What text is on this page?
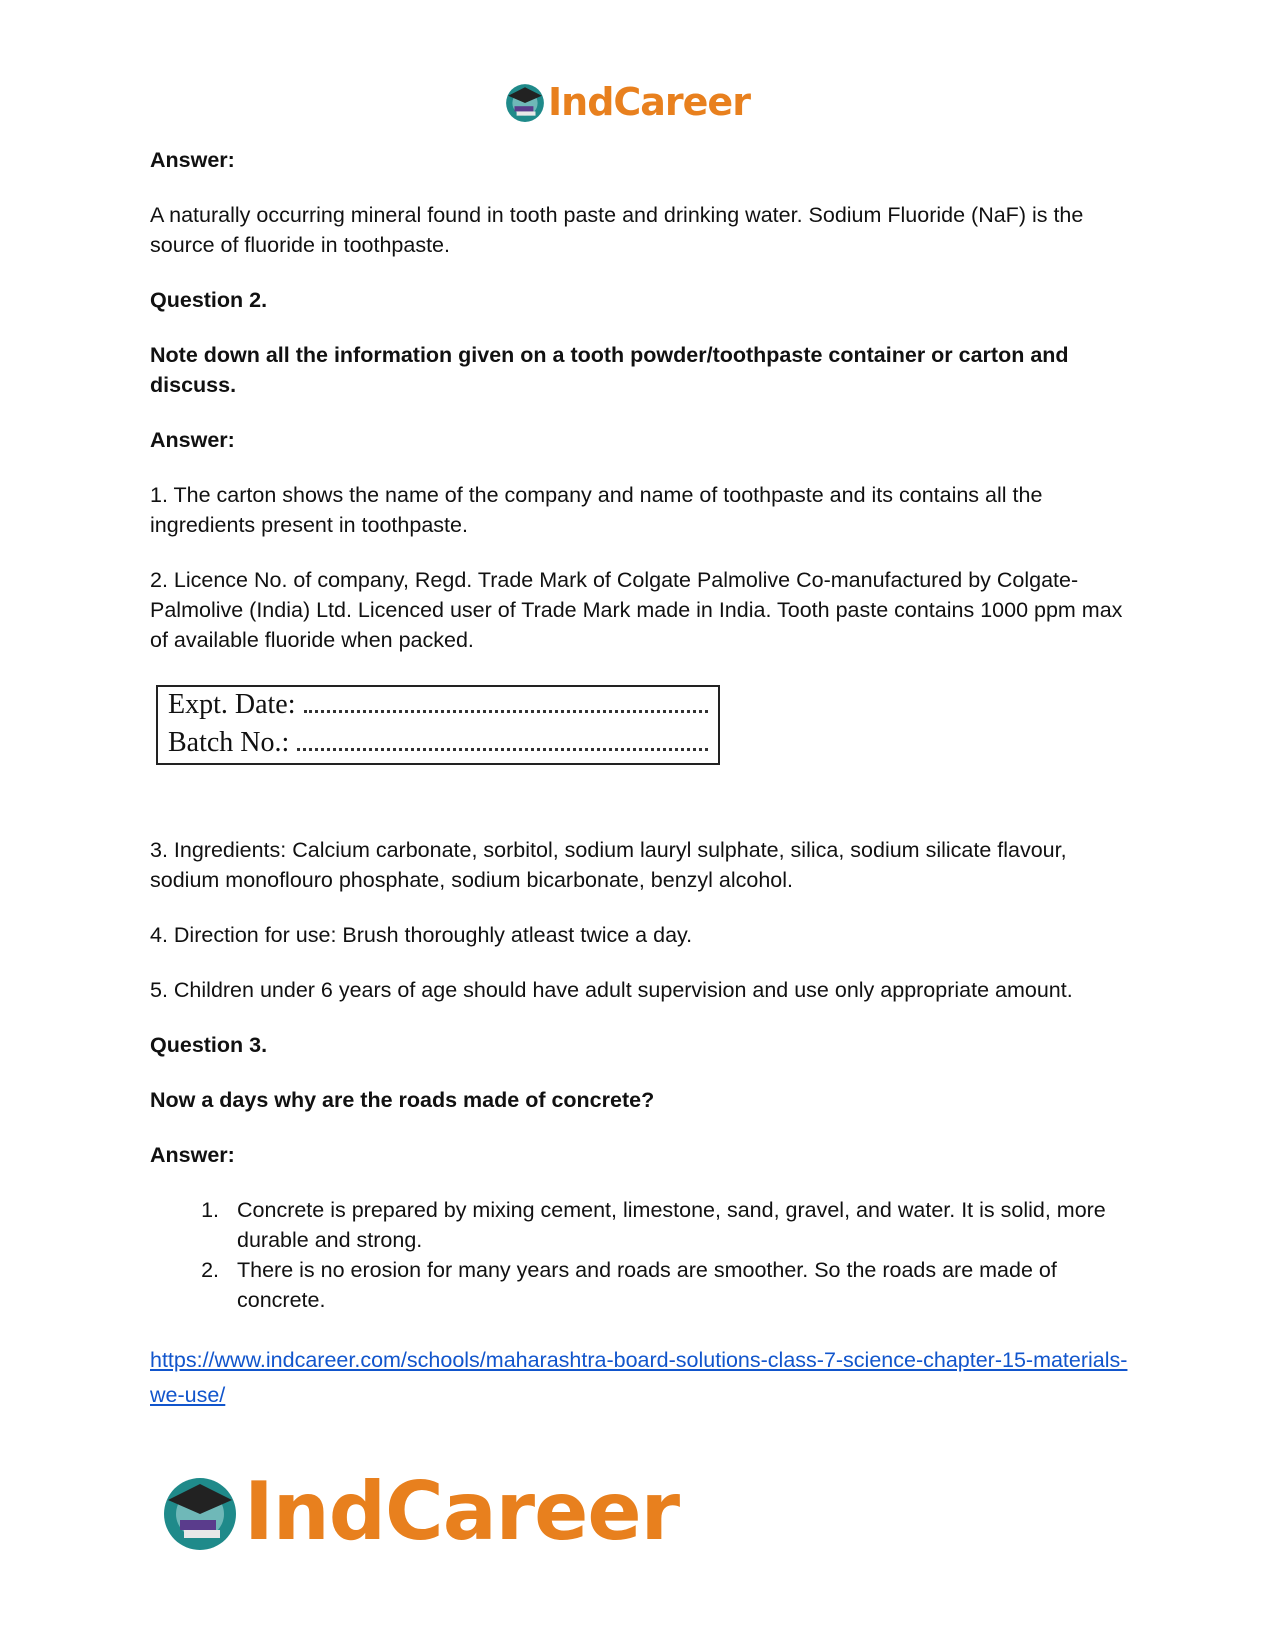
IndCareer

Answer:

A naturally occurring mineral found in tooth paste and drinking water. Sodium Fluoride (NaF) is the source of fluoride in toothpaste.

Question 2.

Note down all the information given on a tooth powder/toothpaste container or carton and discuss.

Answer:

1. The carton shows the name of the company and name of toothpaste and its contains all the ingredients present in toothpaste.

2. Licence No. of company, Regd. Trade Mark of Colgate Palmolive Co-manufactured by Colgate-Palmolive (India) Ltd. Licenced user of Trade Mark made in India. Tooth paste contains 1000 ppm max of available fluoride when packed.

Expt. Date:
Batch No.:

3. Ingredients: Calcium carbonate, sorbitol, sodium lauryl sulphate, silica, sodium silicate flavour, sodium monoflouro phosphate, sodium bicarbonate, benzyl alcohol.

4. Direction for use: Brush thoroughly atleast twice a day.

5. Children under 6 years of age should have adult supervision and use only appropriate amount.

Question 3.

Now a days why are the roads made of concrete?

Answer:

1. Concrete is prepared by mixing cement, limestone, sand, gravel, and water. It is solid, more durable and strong.
2. There is no erosion for many years and roads are smoother. So the roads are made of concrete.
https://www.indcareer.com/schools/maharashtra-board-solutions-class-7-science-chapter-15-materials-we-use/
IndCareer
